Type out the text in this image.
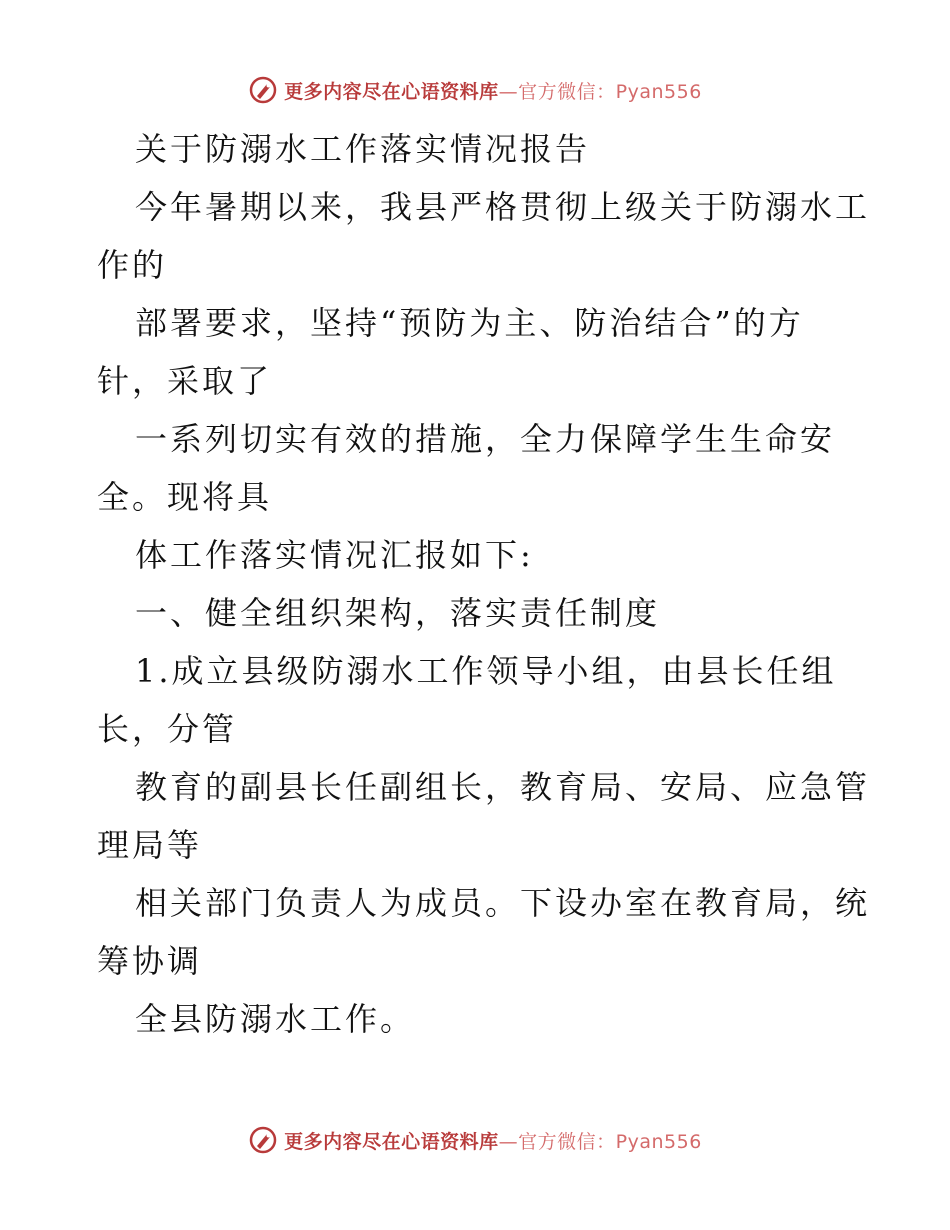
更多内容尽在心语资料库 —官方微信：Pyan556
关于防溺水工作落实情况报告
今年暑期以来，我县严格贯彻上级关于防溺水工
作的
部署要求，坚持“预防为主、防治结合”的方
针，采取了
一系列切实有效的措施，全力保障学生生命安
全。现将具
体工作落实情况汇报如下:
一、健全组织架构，落实责任制度
1.成立县级防溺水工作领导小组，由县长任组
长，分管
教育的副县长任副组长，教育局、安局、应急管
理局等
相关部门负责人为成员。下设办室在教育局，统
筹协调
全县防溺水工作。
更多内容尽在心语资料库 —官方微信：Pyan556
